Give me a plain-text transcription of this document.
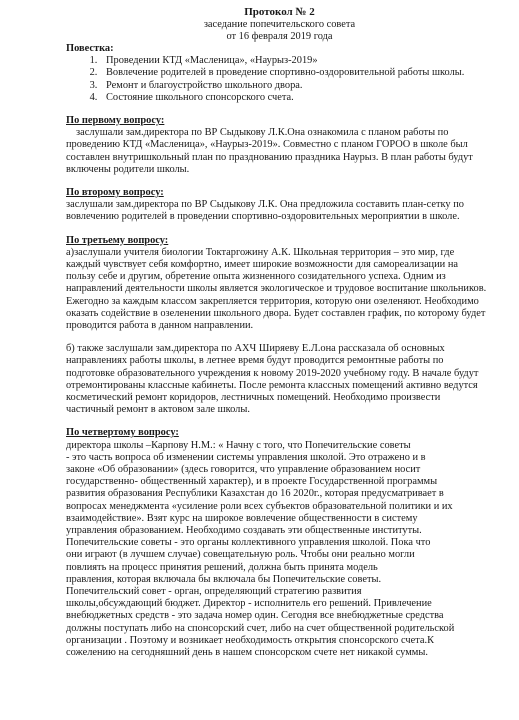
Протокол № 2

заседание попечительского совета

от 16 февраля 2019 года

Повестка:

1. Проведении КТД «Масленица», «Наурыз-2019»
2. Вовлечение родителей в проведение спортивно-оздоровительной работы школы.
3. Ремонт и благоустройство школьного двора.
4. Состояние школьного спонсорского счета.

По первому вопросу:

заслушали зам.директора по ВР Сыдыкову Л.К.Она ознакомила с планом работы по проведению КТД «Масленица», «Наурыз-2019». Совместно с планом ГОРОО в школе был составлен внутришкольный план по празднованию праздника Наурыз. В план работы будут включены родители школы.

По второму вопросу:

заслушали зам.директора по ВР Сыдыкову Л.К. Она предложила составить план-сетку по вовлечению родителей в проведении спортивно-оздоровительных мероприятии в школе.

По третьему вопросу:

а)заслушали учителя биологии Токтаргожину А.К. Школьная территория – это мир, где каждый чувствует себя комфортно, имеет широкие возможности для самореализации на пользу себе и другим, обретение опыта жизненного созидательного успеха. Одним из направлений деятельности школы является экологическое и трудовое воспитание школьников. Ежегодно за каждым классом закрепляется территория, которую они озеленяют. Необходимо оказать содействие в озеленении школьного двора. Будет составлен график, по которому будет проводится работа в данном направлении.

б) также заслушали зам.директора по АХЧ Ширяеву Е.Л.она рассказала об основных направлениях работы школы, в летнее время будут проводится ремонтные работы по подготовке образовательного учреждения к новому 2019-2020 учебному году. В начале будут отремонтированы классные кабинеты. После ремонта классных помещений активно ведутся косметический ремонт коридоров, лестничных помещений. Необходимо произвести частичный ремонт в актовом зале школы.

По четвертому вопросу:

директора школы –Карпову Н.М.: « Начну с того, что Попечительские советы
- это часть вопроса об изменении системы управления школой. Это отражено и в
законе «Об образовании» (здесь говорится, что управление образованием носит
государственно- общественный характер), и в проекте Государственной программы
развития образования Республики Казахстан до 16 2020г., которая предусматривает в
вопросах менеджмента «усиление роли всех субъектов образовательной политики и их
взаимодействие». Взят курс на широкое вовлечение общественности в систему
управления образованием. Необходимо создавать эти общественные институты.
Попечительские советы - это органы коллективного управления школой. Пока что
они играют (в лучшем случае) совещательную роль. Чтобы они реально могли
повлиять на процесс принятия решений, должна быть принята модель
правления, которая включала бы включала бы Попечительские советы.
Попечительский совет - орган, определяющий стратегию развития
школы,обсуждающий бюджет. Директор - исполнитель его решений. Привлечение
внебюджетных средств - это задача номер один. Сегодня все внебюджетные средства
должны поступать либо на спонсорский счет, либо на счет общественной родительской
организации . Поэтому и возникает необходимость открытия спонсорского счета.К
сожелению на сегодняшний день в нашем спонсорском счете нет никакой суммы.
